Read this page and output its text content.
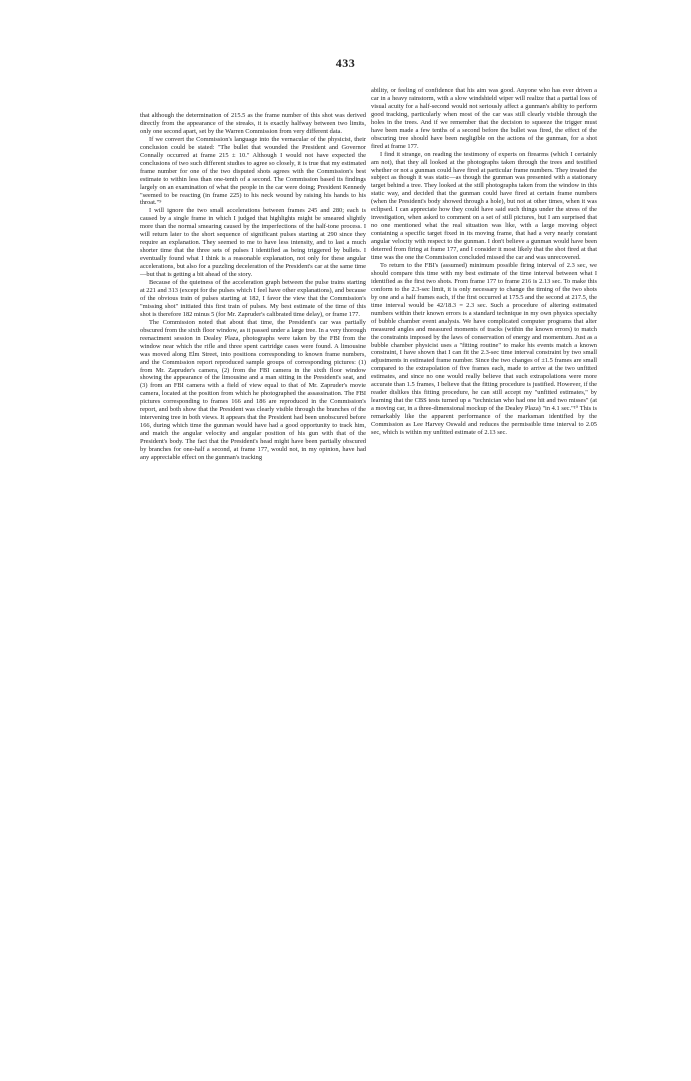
433

that although the determination of 215.5 as the frame number of this shot was derived directly from the appearance of the streaks, it is exactly halfway between two limits, only one second apart, set by the Warren Commission from very different data.

If we convert the Commission's language into the vernacular of the physicist, their conclusion could be stated: "The bullet that wounded the President and Governor Connally occurred at frame 215 ± 10." Although I would not have expected the conclusions of two such different studies to agree so closely, it is true that my estimated frame number for one of the two disputed shots agrees with the Commission's best estimate to within less than one-tenth of a second. The Commission based its findings largely on an examination of what the people in the car were doing; President Kennedy "seemed to be reacting (in frame 225) to his neck wound by raising his hands to his throat."⁹

I will ignore the two small accelerations between frames 245 and 280; each is caused by a single frame in which I judged that highlights might be smeared slightly more than the normal smearing caused by the imperfections of the half-tone process. I will return later to the short sequence of significant pulses starting at 290 since they require an explanation. They seemed to me to have less intensity, and to last a much shorter time that the three sets of pulses I identified as being triggered by bullets. I eventually found what I think is a reasonable explanation, not only for these angular accelerations, but also for a puzzling deceleration of the President's car at the same time—but that is getting a bit ahead of the story.

Because of the quietness of the acceleration graph between the pulse trains starting at 221 and 313 (except for the pulses which I feel have other explanations), and because of the obvious train of pulses starting at 182, I favor the view that the Commission's "missing shot" initiated this first train of pulses. My best estimate of the time of this shot is therefore 182 minus 5 (for Mr. Zapruder's calibrated time delay), or frame 177.

The Commission noted that about that time, the President's car was partially obscured from the sixth floor window, as it passed under a large tree. In a very thorough reenactment session in Dealey Plaza, photographs were taken by the FBI from the window near which the rifle and three spent cartridge cases were found. A limousine was moved along Elm Street, into positions corresponding to known frame numbers, and the Commission report reproduced sample groups of corresponding pictures: (1) from Mr. Zapruder's camera, (2) from the FBI camera in the sixth floor window showing the appearance of the limousine and a man sitting in the President's seat, and (3) from an FBI camera with a field of view equal to that of Mr. Zapruder's movie camera, located at the position from which he photographed the assassination. The FBI pictures corresponding to frames 166 and 186 are reproduced in the Commission's report, and both show that the President was clearly visible through the branches of the intervening tree in both views. It appears that the President had been unobscured before 166, during which time the gunman would have had a good opportunity to track him, and match the angular velocity and angular position of his gun with that of the President's body. The fact that the President's head might have been partially obscured by branches for one-half a second, at frame 177, would not, in my opinion, have had any appreciable effect on the gunman's tracking

ability, or feeling of confidence that his aim was good. Anyone who has ever driven a car in a heavy rainstorm, with a slow windshield wiper will realize that a partial loss of visual acuity for a half-second would not seriously affect a gunman's ability to perform good tracking, particularly when most of the car was still clearly visible through the holes in the trees. And if we remember that the decision to squeeze the trigger must have been made a few tenths of a second before the bullet was fired, the effect of the obscuring tree should have been negligible on the actions of the gunman, for a shot fired at frame 177.

I find it strange, on reading the testimony of experts on firearms (which I certainly am not), that they all looked at the photographs taken through the trees and testified whether or not a gunman could have fired at particular frame numbers. They treated the subject as though it was static—as though the gunman was presented with a stationary target behind a tree. They looked at the still photographs taken from the window in this static way, and decided that the gunman could have fired at certain frame numbers (when the President's body showed through a hole), but not at other times, when it was eclipsed. I can appreciate how they could have said such things under the stress of the investigation, when asked to comment on a set of still pictures, but I am surprised that no one mentioned what the real situation was like, with a large moving object containing a specific target fixed in its moving frame, that had a very nearly constant angular velocity with respect to the gunman. I don't believe a gunman would have been deterred from firing at frame 177, and I consider it most likely that the shot fired at that time was the one the Commission concluded missed the car and was unrecovered.

To return to the FBI's (assumed) minimum possible firing interval of 2.3 sec, we should compare this time with my best estimate of the time interval between what I identified as the first two shots. From frame 177 to frame 216 is 2.13 sec. To make this conform to the 2.3-sec limit, it is only necessary to change the timing of the two shots by one and a half frames each, if the first occurred at 175.5 and the second at 217.5, the time interval would be 42/18.3 = 2.3 sec. Such a procedure of altering estimated numbers within their known errors is a standard technique in my own physics specialty of bubble chamber event analysis. We have complicated computer programs that alter measured angles and measured moments of tracks (within the known errors) to match the constraints imposed by the laws of conservation of energy and momentum. Just as a bubble chamber physicist uses a "fitting routine" to make his events match a known constraint, I have shown that I can fit the 2.3-sec time interval constraint by two small adjustments in estimated frame number. Since the two changes of ±1.5 frames are small compared to the extrapolation of five frames each, made to arrive at the two unfitted estimates, and since no one would really believe that such extrapolations were more accurate than 1.5 frames, I believe that the fitting procedure is justified. However, if the reader dislikes this fitting procedure, he can still accept my "unfitted estimates," by learning that the CBS tests turned up a "technician who had one hit and two misses" (at a moving car, in a three-dimensional mockup of the Dealey Plaza) "in 4.1 sec."¹⁰ This is remarkably like the apparent performance of the marksman identified by the Commission as Lee Harvey Oswald and reduces the permissible time interval to 2.05 sec, which is within my unfitted estimate of 2.13 sec.
